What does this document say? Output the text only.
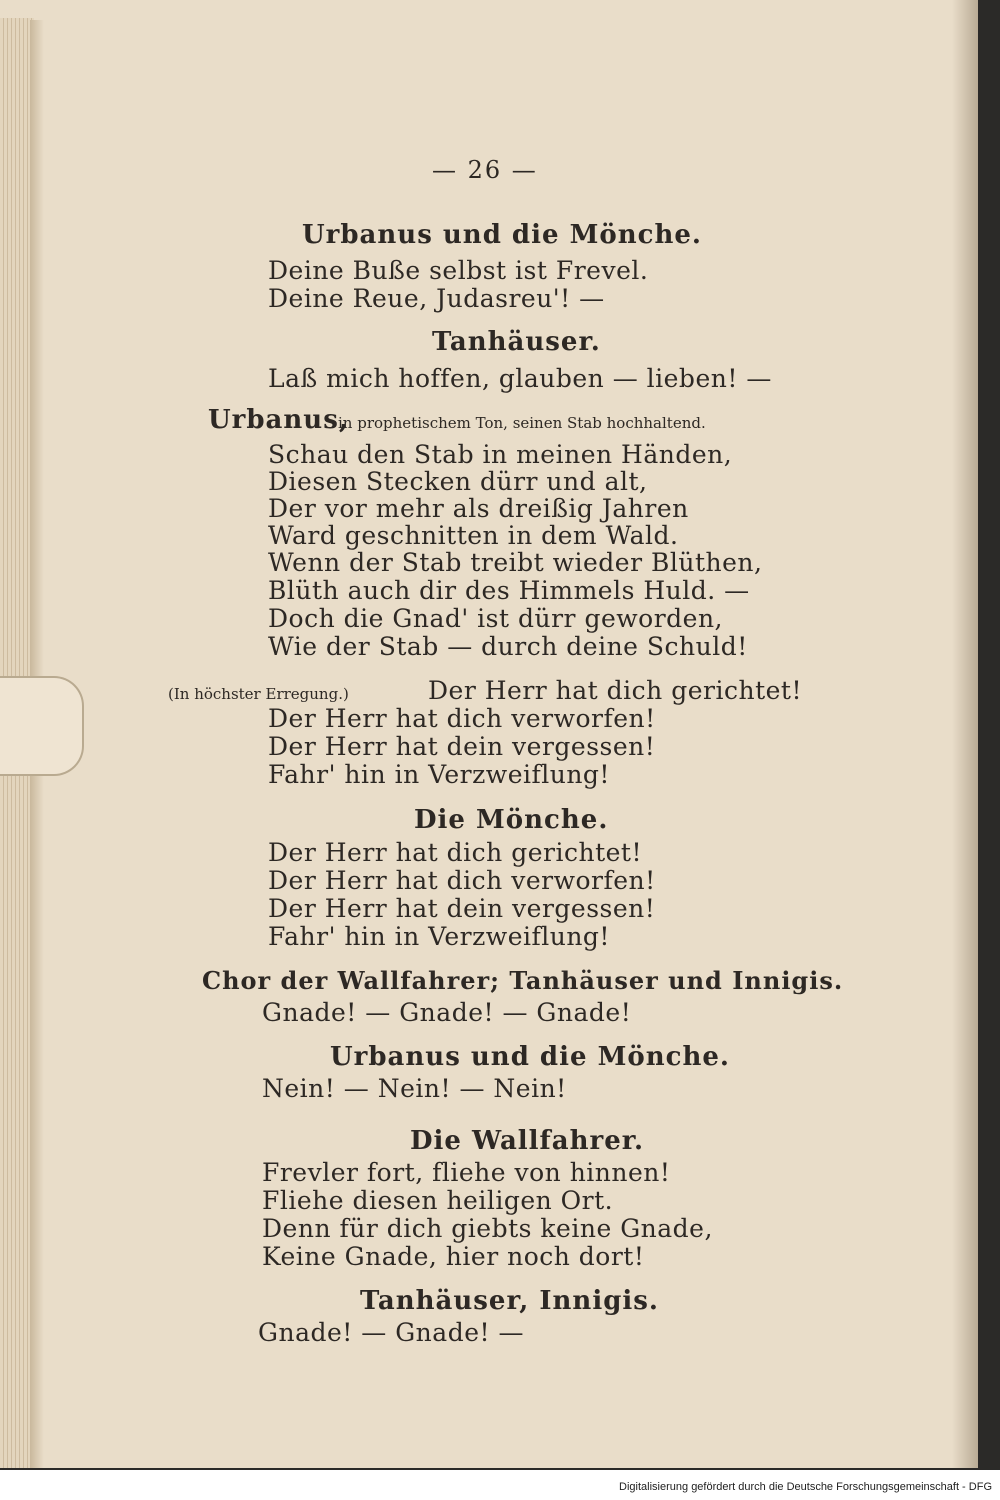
— 26 —
Urbanus und die Mönche.
Deine Buße selbst ist Frevel.
Deine Reue, Judasreu'! —
Tanhäuser.
Laß mich hoffen, glauben — lieben! —
Urbanus,
in prophetischem Ton, seinen Stab hochhaltend.
Schau den Stab in meinen Händen,
Diesen Stecken dürr und alt,
Der vor mehr als dreißig Jahren
Ward geschnitten in dem Wald.
Wenn der Stab treibt wieder Blüthen,
Blüth auch dir des Himmels Huld. —
Doch die Gnad' ist dürr geworden,
Wie der Stab — durch deine Schuld!
(In höchster Erregung.)	Der Herr hat dich gerichtet!
Der Herr hat dich verworfen!
Der Herr hat dein vergessen!
Fahr' hin in Verzweiflung!
Die Mönche.
Der Herr hat dich gerichtet!
Der Herr hat dich verworfen!
Der Herr hat dein vergessen!
Fahr' hin in Verzweiflung!
Chor der Wallfahrer; Tanhäuser und Innigis.
Gnade! — Gnade! — Gnade!
Urbanus und die Mönche.
Nein! — Nein! — Nein!
Die Wallfahrer.
Frevler fort, fliehe von hinnen!
Fliehe diesen heiligen Ort.
Denn für dich giebts keine Gnade,
Keine Gnade, hier noch dort!
Tanhäuser, Innigis.
Gnade! — Gnade! —
Digitalisierung gefördert durch die Deutsche Forschungsgemeinschaft - DFG
